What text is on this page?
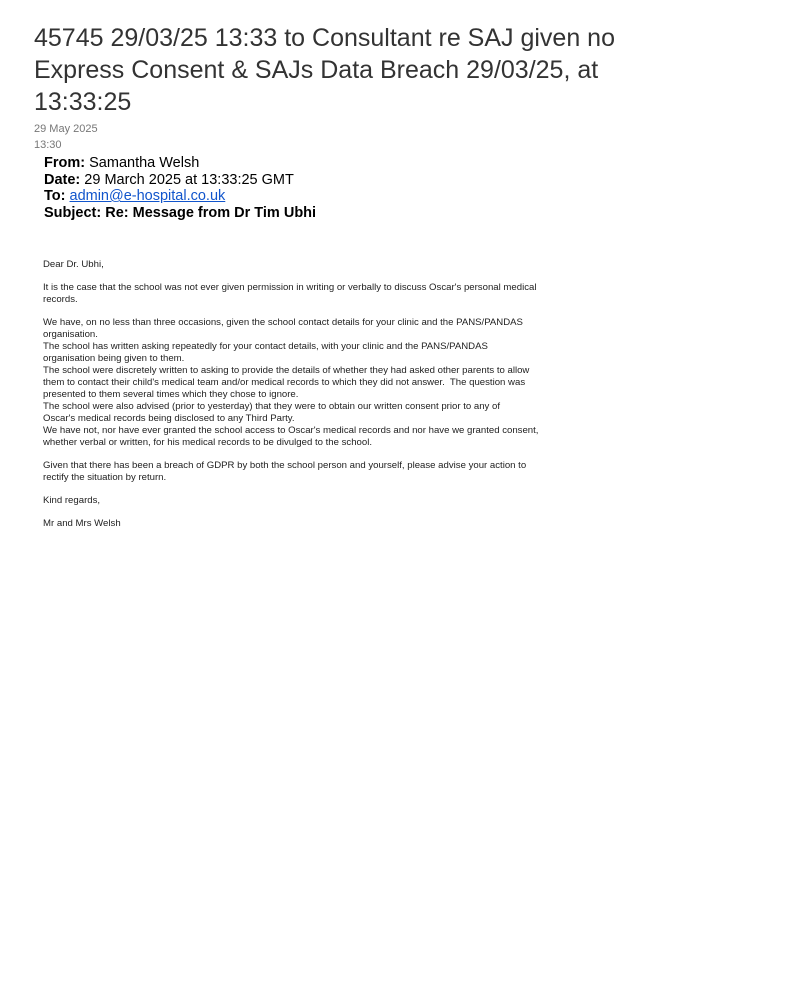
45745 29/03/25 13:33 to Consultant re SAJ given no Express Consent & SAJs Data Breach 29/03/25, at 13:33:25
29 May 2025
13:30
From: Samantha Welsh
Date: 29 March 2025 at 13:33:25 GMT
To: admin@e-hospital.co.uk
Subject: Re: Message from Dr Tim Ubhi
Dear Dr. Ubhi,
It is the case that the school was not ever given permission in writing or verbally to discuss Oscar's personal medical
records.
We have, on no less than three occasions, given the school contact details for your clinic and the PANS/PANDAS
organisation.
The school has written asking repeatedly for your contact details, with your clinic and the PANS/PANDAS
organisation being given to them.
The school were discretely written to asking to provide the details of whether they had asked other parents to allow
them to contact their child's medical team and/or medical records to which they did not answer.  The question was
presented to them several times which they chose to ignore.
The school were also advised (prior to yesterday) that they were to obtain our written consent prior to any of
Oscar's medical records being disclosed to any Third Party.
We have not, nor have ever granted the school access to Oscar's medical records and nor have we granted consent,
whether verbal or written, for his medical records to be divulged to the school.
Given that there has been a breach of GDPR by both the school person and yourself, please advise your action to
rectify the situation by return.
Kind regards,
Mr and Mrs Welsh
